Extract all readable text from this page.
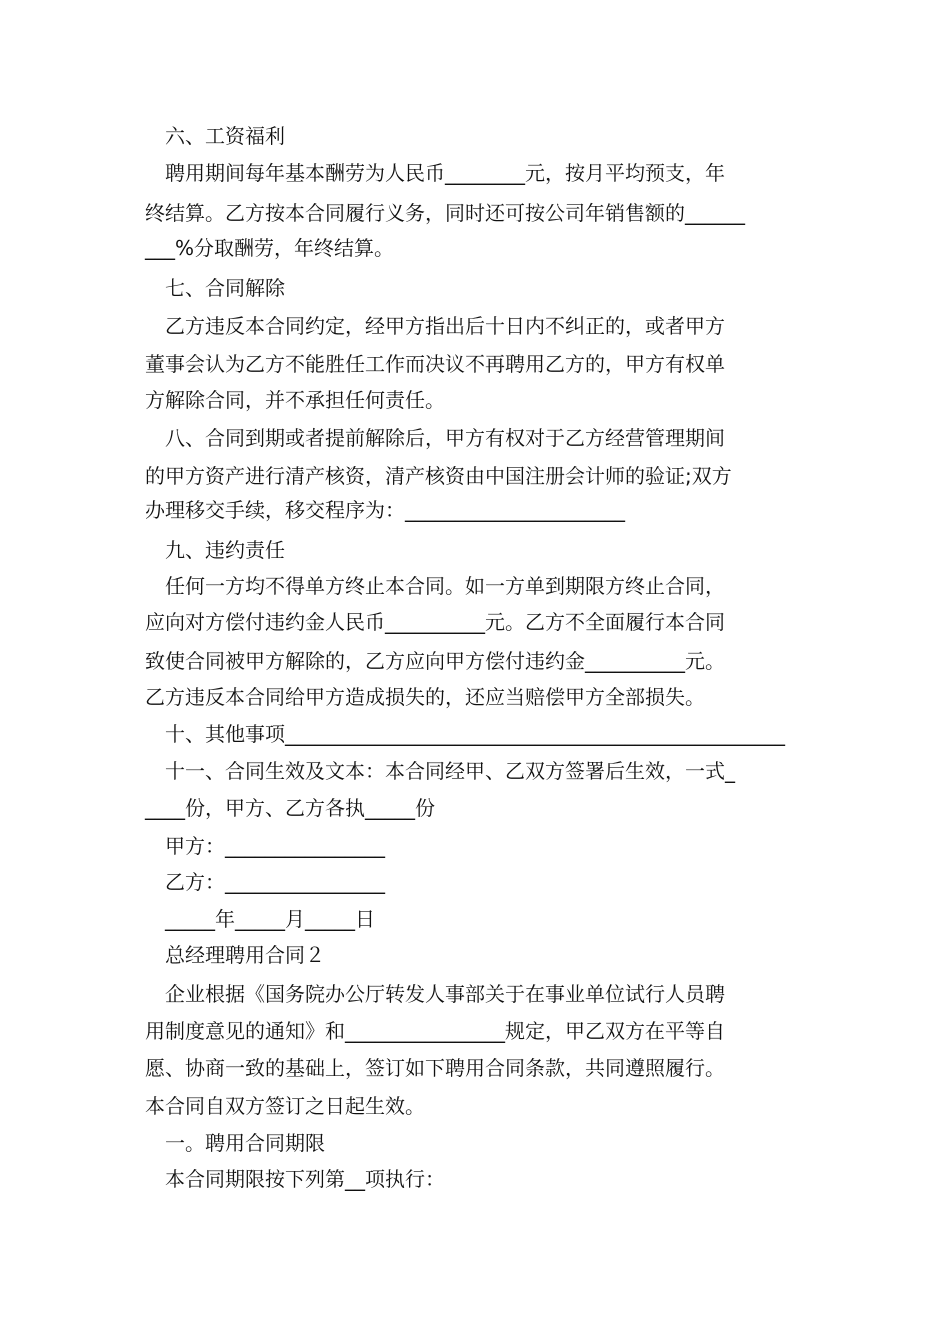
六、工资福利
聘用期间每年基本酬劳为人民币________元，按月平均预支，年
终结算。乙方按本合同履行义务，同时还可按公司年销售额的______
___%分取酬劳，年终结算。
七、合同解除
乙方违反本合同约定，经甲方指出后十日内不纠正的，或者甲方
董事会认为乙方不能胜任工作而决议不再聘用乙方的，甲方有权单
方解除合同，并不承担任何责任。
八、合同到期或者提前解除后，甲方有权对于乙方经营管理期间
的甲方资产进行清产核资，清产核资由中国注册会计师的验证;双方
办理移交手续，移交程序为：______________________
九、违约责任
任何一方均不得单方终止本合同。如一方单到期限方终止合同，
应向对方偿付违约金人民币__________元。乙方不全面履行本合同
致使合同被甲方解除的，乙方应向甲方偿付违约金__________元。
乙方违反本合同给甲方造成损失的，还应当赔偿甲方全部损失。
十、其他事项__________________________________________________
十一、合同生效及文本：本合同经甲、乙双方签署后生效，一式_
____份，甲方、乙方各执_____份
甲方：________________
乙方：________________
_____年_____月_____日
总经理聘用合同２
企业根据《国务院办公厅转发人事部关于在事业单位试行人员聘
用制度意见的通知》和________________规定，甲乙双方在平等自
愿、协商一致的基础上，签订如下聘用合同条款，共同遵照履行。
本合同自双方签订之日起生效。
一。聘用合同期限
本合同期限按下列第__项执行：
